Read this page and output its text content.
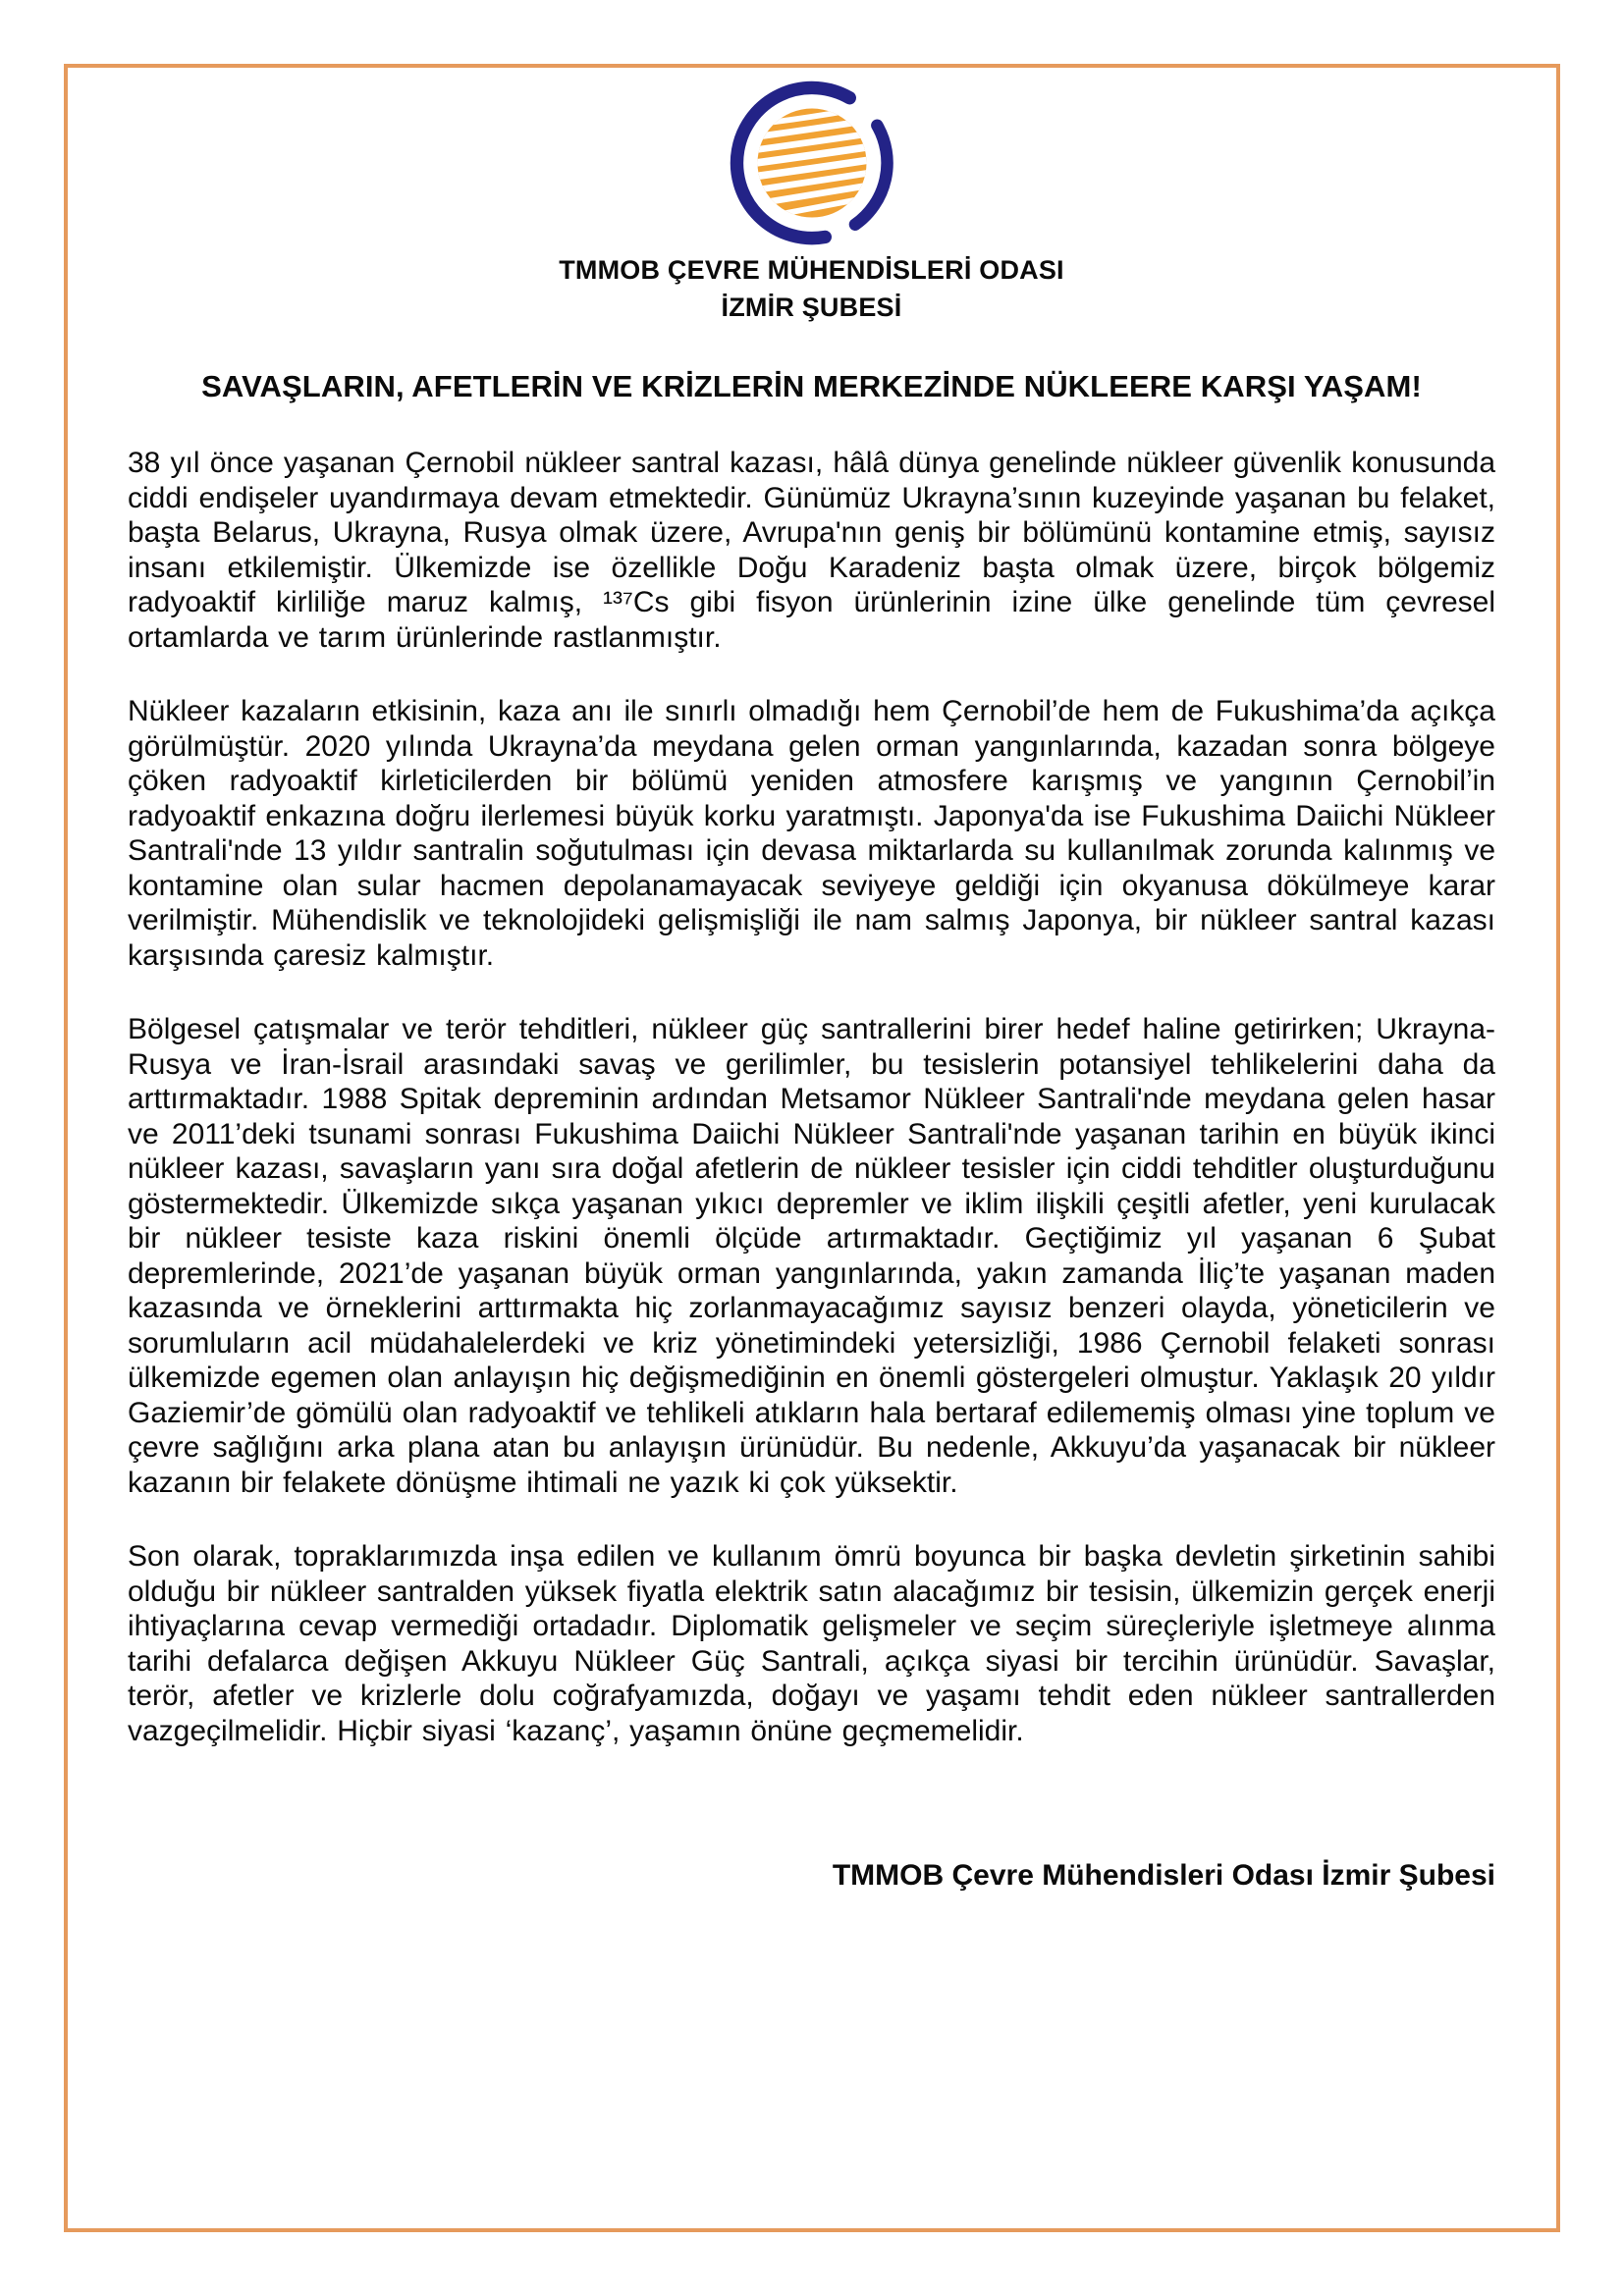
TMMOB ÇEVRE MÜHENDİSLERİ ODASI
İZMİR ŞUBESİ
SAVAŞLARIN, AFETLERİN VE KRİZLERİN MERKEZİNDE NÜKLEERE KARŞI YAŞAM!

38 yıl önce yaşanan Çernobil nükleer santral kazası, hâlâ dünya genelinde nükleer güvenlik konusunda ciddi endişeler uyandırmaya devam etmektedir. Günümüz Ukrayna’sının kuzeyinde yaşanan bu felaket, başta Belarus, Ukrayna, Rusya olmak üzere, Avrupa'nın geniş bir bölümünü kontamine etmiş, sayısız insanı etkilemiştir. Ülkemizde ise özellikle Doğu Karadeniz başta olmak üzere, birçok bölgemiz radyoaktif kirliliğe maruz kalmış, ¹³⁷Cs gibi fisyon ürünlerinin izine ülke genelinde tüm çevresel ortamlarda ve tarım ürünlerinde rastlanmıştır.

Nükleer kazaların etkisinin, kaza anı ile sınırlı olmadığı hem Çernobil’de hem de Fukushima’da açıkça görülmüştür. 2020 yılında Ukrayna’da meydana gelen orman yangınlarında, kazadan sonra bölgeye çöken radyoaktif kirleticilerden bir bölümü yeniden atmosfere karışmış ve yangının Çernobil’in radyoaktif enkazına doğru ilerlemesi büyük korku yaratmıştı. Japonya'da ise Fukushima Daiichi Nükleer Santrali'nde 13 yıldır santralin soğutulması için devasa miktarlarda su kullanılmak zorunda kalınmış ve kontamine olan sular hacmen depolanamayacak seviyeye geldiği için okyanusa dökülmeye karar verilmiştir. Mühendislik ve teknolojideki gelişmişliği ile nam salmış Japonya, bir nükleer santral kazası karşısında çaresiz kalmıştır.

Bölgesel çatışmalar ve terör tehditleri, nükleer güç santrallerini birer hedef haline getirirken; Ukrayna-Rusya ve İran-İsrail arasındaki savaş ve gerilimler, bu tesislerin potansiyel tehlikelerini daha da arttırmaktadır. 1988 Spitak depreminin ardından Metsamor Nükleer Santrali'nde meydana gelen hasar ve 2011’deki tsunami sonrası Fukushima Daiichi Nükleer Santrali'nde yaşanan tarihin en büyük ikinci nükleer kazası, savaşların yanı sıra doğal afetlerin de nükleer tesisler için ciddi tehditler oluşturduğunu göstermektedir. Ülkemizde sıkça yaşanan yıkıcı depremler ve iklim ilişkili çeşitli afetler, yeni kurulacak bir nükleer tesiste kaza riskini önemli ölçüde artırmaktadır. Geçtiğimiz yıl yaşanan 6 Şubat depremlerinde, 2021’de yaşanan büyük orman yangınlarında, yakın zamanda İliç’te yaşanan maden kazasında ve örneklerini arttırmakta hiç zorlanmayacağımız sayısız benzeri olayda, yöneticilerin ve sorumluların acil müdahalelerdeki ve kriz yönetimindeki yetersizliği, 1986 Çernobil felaketi sonrası ülkemizde egemen olan anlayışın hiç değişmediğinin en önemli göstergeleri olmuştur. Yaklaşık 20 yıldır Gaziemir’de gömülü olan radyoaktif ve tehlikeli atıkların hala bertaraf edilememiş olması yine toplum ve çevre sağlığını arka plana atan bu anlayışın ürünüdür. Bu nedenle, Akkuyu’da yaşanacak bir nükleer kazanın bir felakete dönüşme ihtimali ne yazık ki çok yüksektir.

Son olarak, topraklarımızda inşa edilen ve kullanım ömrü boyunca bir başka devletin şirketinin sahibi olduğu bir nükleer santralden yüksek fiyatla elektrik satın alacağımız bir tesisin, ülkemizin gerçek enerji ihtiyaçlarına cevap vermediği ortadadır. Diplomatik gelişmeler ve seçim süreçleriyle işletmeye alınma tarihi defalarca değişen Akkuyu Nükleer Güç Santrali, açıkça siyasi bir tercihin ürünüdür. Savaşlar, terör, afetler ve krizlerle dolu coğrafyamızda, doğayı ve yaşamı tehdit eden nükleer santrallerden vazgeçilmelidir. Hiçbir siyasi ‘kazanç’, yaşamın önüne geçmemelidir.

TMMOB Çevre Mühendisleri Odası İzmir Şubesi
